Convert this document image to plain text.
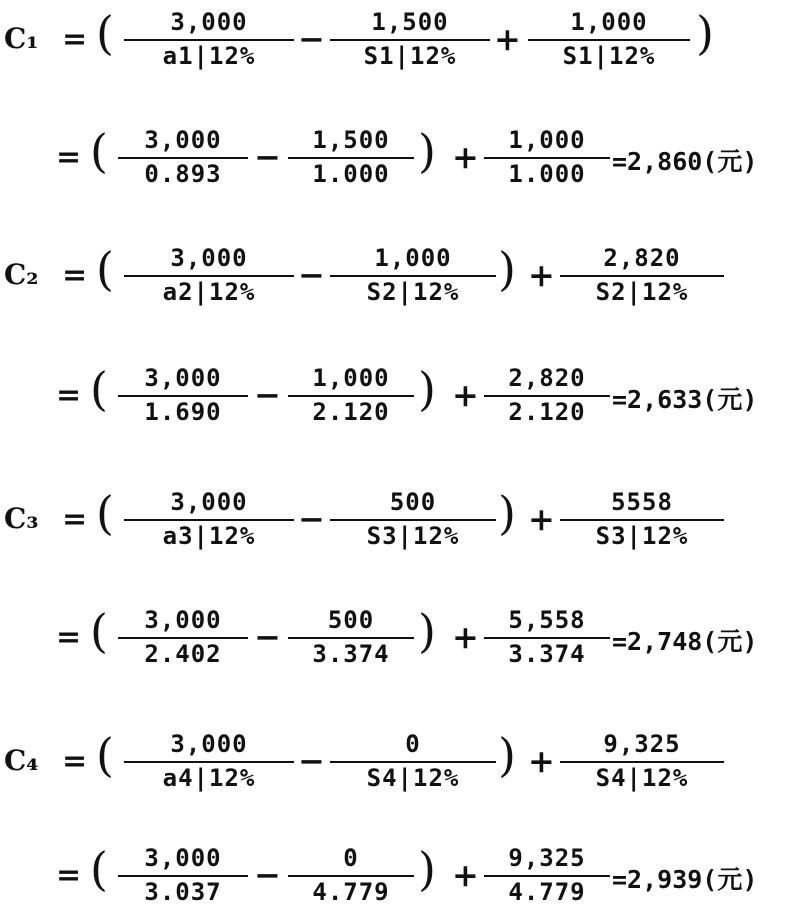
C₁ = (	3,000
a1|12%	−	1,500
S1|12%	+	1,000
S1|12% )
= (	3,000
0.893	−	1,500
1.000 ) +	1,000
1.000	=2,860(元)
C₂ = (	3,000
a2|12%	−	1,000
S2|12% ) +	2,820
S2|12%
= (	3,000
1.690	−	1,000
2.120 ) +	2,820
2.120	=2,633(元)
C₃ = (	3,000
a3|12%	−	500
S3|12% ) +	5558
S3|12%
= (	3,000
2.402	−	500
3.374 ) +	5,558
3.374	=2,748(元)
C₄ = (	3,000
a4|12%	−	0
S4|12% ) +	9,325
S4|12%
= (	3,000
3.037	−	0
4.779 ) +	9,325
4.779	=2,939(元)
